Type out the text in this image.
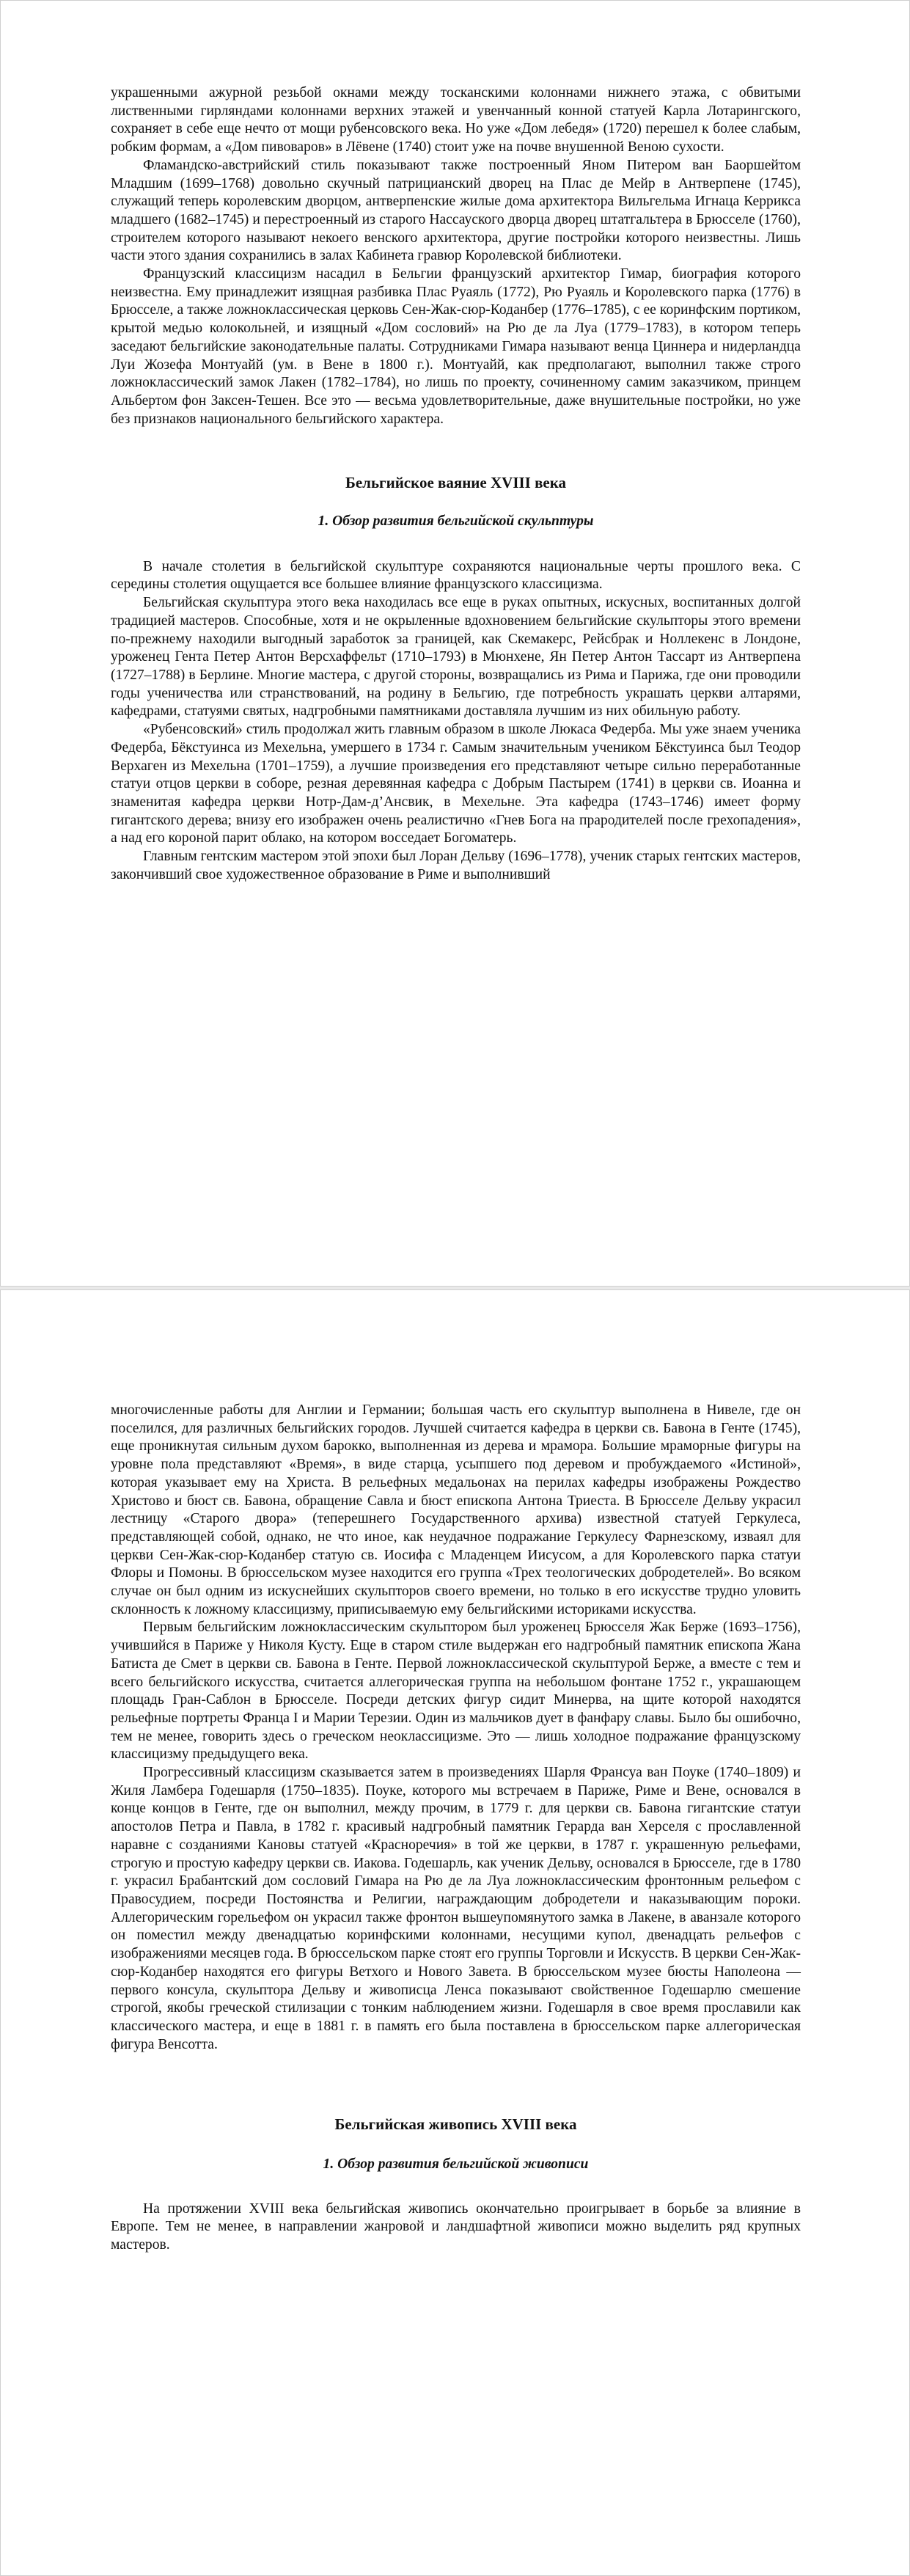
украшенными ажурной резьбой окнами между тосканскими колоннами нижнего этажа, с обвитыми лиственными гирляндами колоннами верхних этажей и увенчанный конной статуей Карла Лотарингского, сохраняет в себе еще нечто от мощи рубенсовского века. Но уже «Дом лебедя» (1720) перешел к более слабым, робким формам, а «Дом пивоваров» в Лёвене (1740) стоит уже на почве внушенной Веною сухости.

Фламандско-австрийский стиль показывают также построенный Яном Питером ван Баоршейтом Младшим (1699–1768) довольно скучный патрицианский дворец на Плас де Мейр в Антверпене (1745), служащий теперь королевским дворцом, антверпенские жилые дома архитектора Вильгельма Игнаца Керрикса младшего (1682–1745) и перестроенный из старого Нассауского дворца дворец штатгальтера в Брюсселе (1760), строителем которого называют некоего венского архитектора, другие постройки которого неизвестны. Лишь части этого здания сохранились в залах Кабинета гравюр Королевской библиотеки.

Французский классицизм насадил в Бельгии французский архитектор Гимар, биография которого неизвестна. Ему принадлежит изящная разбивка Плас Руаяль (1772), Рю Руаяль и Королевского парка (1776) в Брюсселе, а также ложноклассическая церковь Сен-Жак-сюр-Коданбер (1776–1785), с ее коринфским портиком, крытой медью колокольней, и изящный «Дом сословий» на Рю де ла Луа (1779–1783), в котором теперь заседают бельгийские законодательные палаты. Сотрудниками Гимара называют венца Циннера и нидерландца Луи Жозефа Монтуайй (ум. в Вене в 1800 г.). Монтуайй, как предполагают, выполнил также строго ложноклассический замок Лакен (1782–1784), но лишь по проекту, сочиненному самим заказчиком, принцем Альбертом фон Заксен-Тешен. Все это — весьма удовлетворительные, даже внушительные постройки, но уже без признаков национального бельгийского характера.

Бельгийское ваяние XVIII века
1. Обзор развития бельгийской скульптуры

В начале столетия в бельгийской скульптуре сохраняются национальные черты прошлого века. С середины столетия ощущается все большее влияние французского классицизма.

Бельгийская скульптура этого века находилась все еще в руках опытных, искусных, воспитанных долгой традицией мастеров. Способные, хотя и не окрыленные вдохновением бельгийские скульпторы этого времени по-прежнему находили выгодный заработок за границей, как Скемакерс, Рейсбрак и Ноллекенс в Лондоне, уроженец Гента Петер Антон Версхаффельт (1710–1793) в Мюнхене, Ян Петер Антон Тассарт из Антверпена (1727–1788) в Берлине. Многие мастера, с другой стороны, возвращались из Рима и Парижа, где они проводили годы ученичества или странствований, на родину в Бельгию, где потребность украшать церкви алтарями, кафедрами, статуями святых, надгробными памятниками доставляла лучшим из них обильную работу.

«Рубенсовский» стиль продолжал жить главным образом в школе Люкаса Федерба. Мы уже знаем ученика Федерба, Бёкстуинса из Мехельна, умершего в 1734 г. Самым значительным учеником Бёкстуинса был Теодор Верхаген из Мехельна (1701–1759), а лучшие произведения его представляют четыре сильно переработанные статуи отцов церкви в соборе, резная деревянная кафедра с Добрым Пастырем (1741) в церкви св. Иоанна и знаменитая кафедра церкви Нотр-Дам-д’Ансвик, в Мехельне. Эта кафедра (1743–1746) имеет форму гигантского дерева; внизу его изображен очень реалистично «Гнев Бога на прародителей после грехопадения», а над его короной парит облако, на котором восседает Богоматерь.

Главным гентским мастером этой эпохи был Лоран Дельву (1696–1778), ученик старых гентских мастеров, закончивший свое художественное образование в Риме и выполнивший

многочисленные работы для Англии и Германии; большая часть его скульптур выполнена в Нивеле, где он поселился, для различных бельгийских городов. Лучшей считается кафедра в церкви св. Бавона в Генте (1745), еще проникнутая сильным духом барокко, выполненная из дерева и мрамора. Большие мраморные фигуры на уровне пола представляют «Время», в виде старца, усыпшего под деревом и пробуждаемого «Истиной», которая указывает ему на Христа. В рельефных медальонах на перилах кафедры изображены Рождество Христово и бюст св. Бавона, обращение Савла и бюст епископа Антона Триеста. В Брюсселе Дельву украсил лестницу «Старого двора» (теперешнего Государственного архива) известной статуей Геркулеса, представляющей собой, однако, не что иное, как неудачное подражание Геркулесу Фарнезскому, изваял для церкви Сен-Жак-сюр-Коданбер статую св. Иосифа с Младенцем Иисусом, а для Королевского парка статуи Флоры и Помоны. В брюссельском музее находится его группа «Трех теологических добродетелей». Во всяком случае он был одним из искуснейших скульпторов своего времени, но только в его искусстве трудно уловить склонность к ложному классицизму, приписываемую ему бельгийскими историками искусства.

Первым бельгийским ложноклассическим скульптором был уроженец Брюсселя Жак Берже (1693–1756), учившийся в Париже у Николя Кусту. Еще в старом стиле выдержан его надгробный памятник епископа Жана Батиста де Смет в церкви св. Бавона в Генте. Первой ложноклассической скульптурой Берже, а вместе с тем и всего бельгийского искусства, считается аллегорическая группа на небольшом фонтане 1752 г., украшающем площадь Гран-Саблон в Брюсселе. Посреди детских фигур сидит Минерва, на щите которой находятся рельефные портреты Франца I и Марии Терезии. Один из мальчиков дует в фанфару славы. Было бы ошибочно, тем не менее, говорить здесь о греческом неоклассицизме. Это — лишь холодное подражание французскому классицизму предыдущего века.

Прогрессивный классицизм сказывается затем в произведениях Шарля Франсуа ван Поуке (1740–1809) и Жиля Ламбера Годешарля (1750–1835). Поуке, которого мы встречаем в Париже, Риме и Вене, основался в конце концов в Генте, где он выполнил, между прочим, в 1779 г. для церкви св. Бавона гигантские статуи апостолов Петра и Павла, в 1782 г. красивый надгробный памятник Герарда ван Херселя с прославленной наравне с созданиями Кановы статуей «Красноречия» в той же церкви, в 1787 г. украшенную рельефами, строгую и простую кафедру церкви св. Иакова. Годешарль, как ученик Дельву, основался в Брюсселе, где в 1780 г. украсил Брабантский дом сословий Гимара на Рю де ла Луа ложноклассическим фронтонным рельефом с Правосудием, посреди Постоянства и Религии, награждающим добродетели и наказывающим пороки. Аллегорическим горельефом он украсил также фронтон вышеупомянутого замка в Лакене, в аванзале которого он поместил между двенадцатью коринфскими колоннами, несущими купол, двенадцать рельефов с изображениями месяцев года. В брюссельском парке стоят его группы Торговли и Искусств. В церкви Сен-Жак-сюр-Коданбер находятся его фигуры Ветхого и Нового Завета. В брюссельском музее бюсты Наполеона — первого консула, скульптора Дельву и живописца Ленса показывают свойственное Годешарлю смешение строгой, якобы греческой стилизации с тонким наблюдением жизни. Годешарля в свое время прославили как классического мастера, и еще в 1881 г. в память его была поставлена в брюссельском парке аллегорическая фигура Венсотта.

Бельгийская живопись XVIII века
1. Обзор развития бельгийской живописи

На протяжении XVIII века бельгийская живопись окончательно проигрывает в борьбе за влияние в Европе. Тем не менее, в направлении жанровой и ландшафтной живописи можно выделить ряд крупных мастеров.
